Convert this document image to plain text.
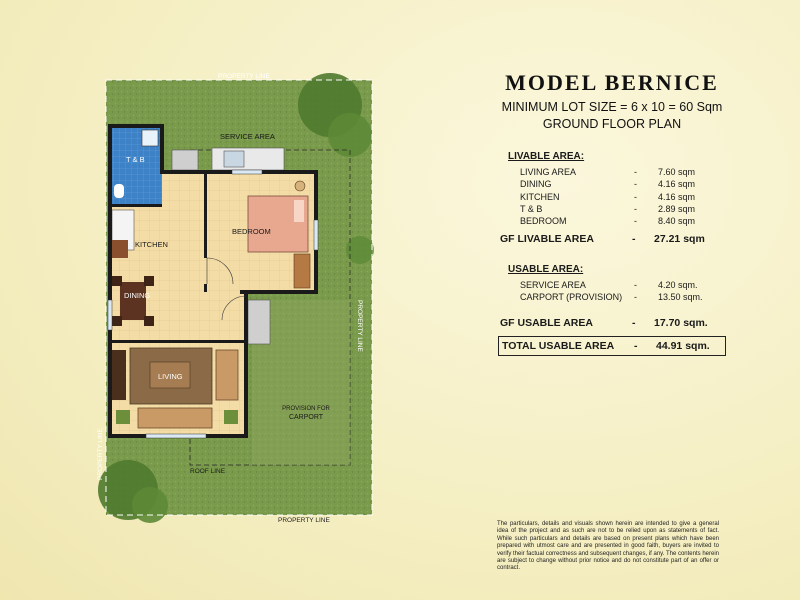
PROPERTY LINE
PROPERTY LINE
PROPERTY LINE
PROPERTY LINE
SERVICE AREA
T & B
KITCHEN
BEDROOM
DINING
LIVING
ROOF LINE
PROVISION FOR
CARPORT
MODEL BERNICE
MINIMUM LOT SIZE = 6 x 10 = 60 Sqm
GROUND FLOOR PLAN
LIVABLE AREA:
LIVING AREA	-	7.60 sqm
DINING	-	4.16 sqm
KITCHEN	-	4.16 sqm
T & B	-	2.89 sqm
BEDROOM	-	8.40 sqm
GF LIVABLE AREA	-	27.21 sqm
USABLE AREA:
SERVICE AREA	-	4.20 sqm.
CARPORT (PROVISION)	-	13.50 sqm.
GF USABLE AREA	-	17.70 sqm.
TOTAL USABLE AREA	-	44.91 sqm.
The particulars, details and visuals shown herein are intended to give a general idea of the project and as such are not to be relied upon as statements of fact. While such particulars and details are based on present plans which have been prepared with utmost care and are presented in good faith, buyers are invited to verify their factual correctness and subsequent changes, if any. The contents herein are subject to change without prior notice and do not constitute part of an offer or contract.
